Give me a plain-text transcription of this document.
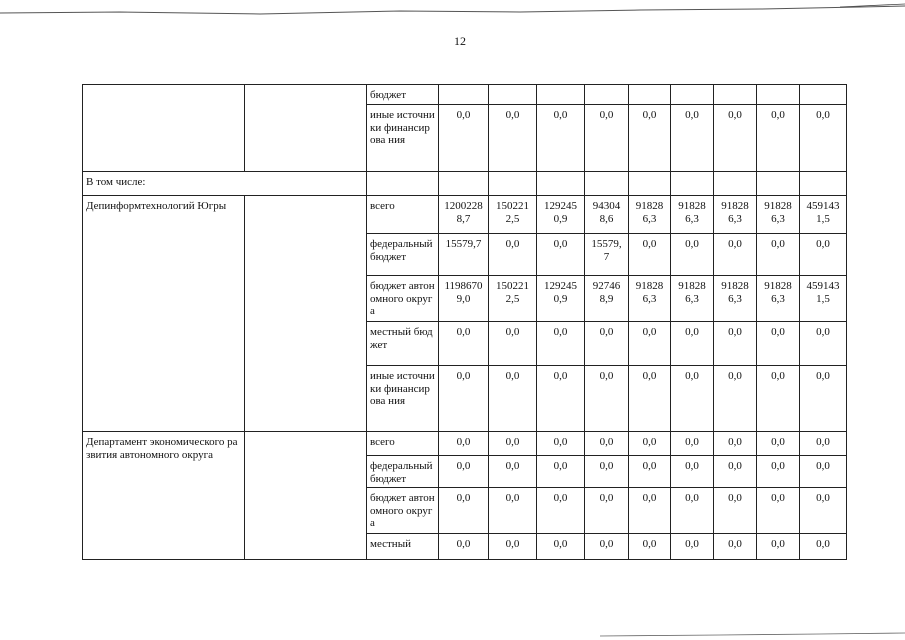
12
		бюджет									
		иные источники финансирова ния	0,0	0,0	0,0	0,0	0,0	0,0	0,0	0,0	0,0
В том числе:											
Депинформтехнологий Югры		всего	1200228 8,7	150221 2,5	129245 0,9	94304 8,6	91828 6,3	91828 6,3	91828 6,3	91828 6,3	459143 1,5
		федеральный бюджет	15579,7	0,0	0,0	15579, 7	0,0	0,0	0,0	0,0	0,0
		бюджет автономного округа	1198670 9,0	150221 2,5	129245 0,9	92746 8,9	91828 6,3	91828 6,3	91828 6,3	91828 6,3	459143 1,5
		местный бюджет	0,0	0,0	0,0	0,0	0,0	0,0	0,0	0,0	0,0
		иные источники финансирова ния	0,0	0,0	0,0	0,0	0,0	0,0	0,0	0,0	0,0
Департамент экономического развития автономного округа		всего	0,0	0,0	0,0	0,0	0,0	0,0	0,0	0,0	0,0
		федеральный бюджет	0,0	0,0	0,0	0,0	0,0	0,0	0,0	0,0	0,0
		бюджет автономного округа	0,0	0,0	0,0	0,0	0,0	0,0	0,0	0,0	0,0
		местный	0,0	0,0	0,0	0,0	0,0	0,0	0,0	0,0	0,0
